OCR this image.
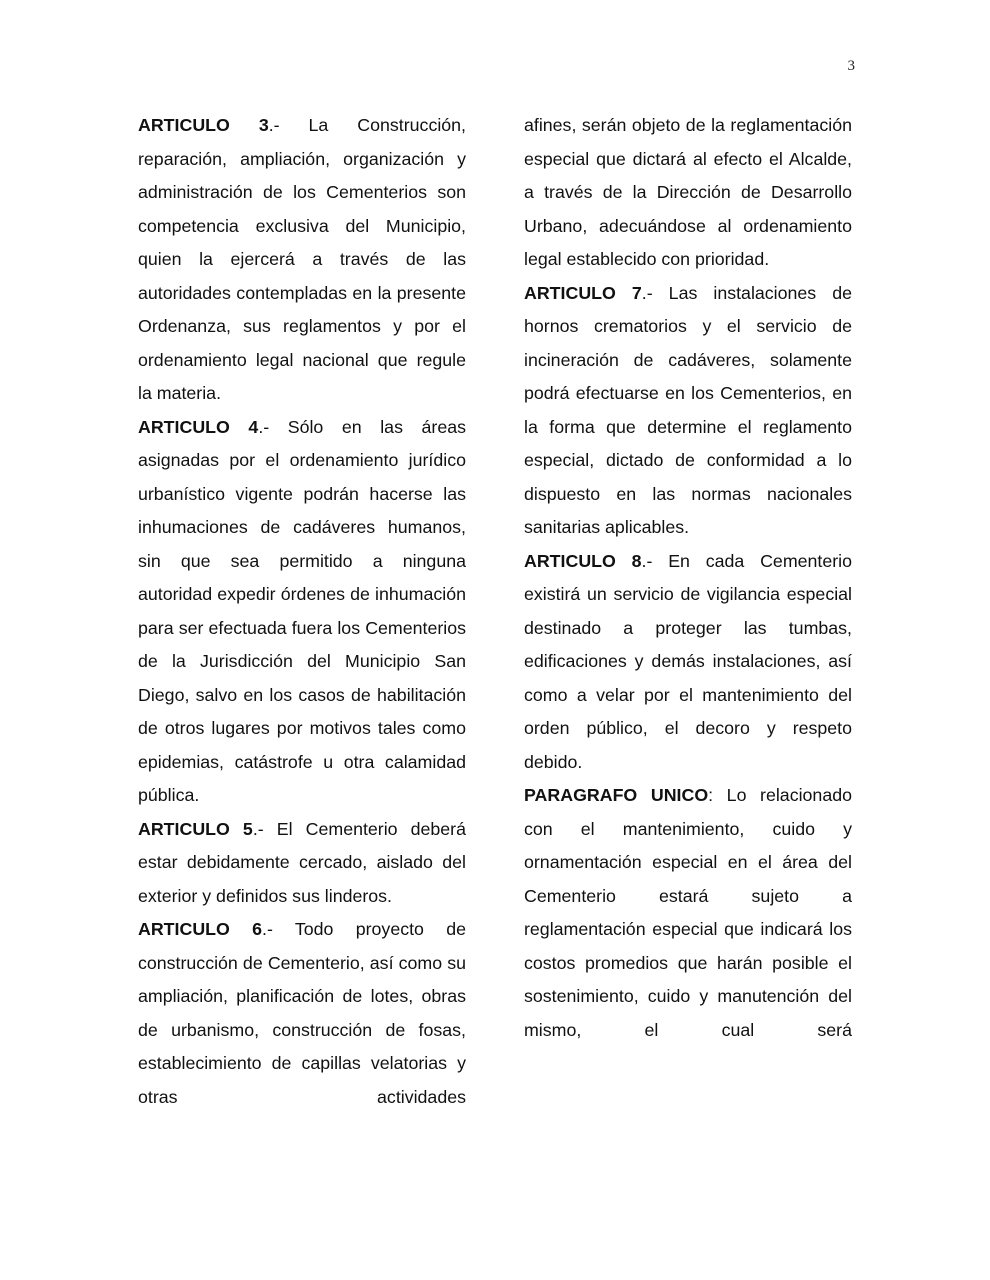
3

ARTICULO 3.- La Construcción, reparación, ampliación, organización y administración de los Cementerios son competencia exclusiva del Municipio, quien la ejercerá a través de las autoridades contempladas en la presente Ordenanza, sus reglamentos y por el ordenamiento legal nacional que regule la materia.

ARTICULO 4.- Sólo en las áreas asignadas por el ordenamiento jurídico urbanístico vigente podrán hacerse las inhumaciones de cadáveres humanos, sin que sea permitido a ninguna autoridad expedir órdenes de inhumación para ser efectuada fuera los Cementerios de la Jurisdicción del Municipio San Diego, salvo en los casos de habilitación de otros lugares por motivos tales como epidemias, catástrofe u otra calamidad pública.

ARTICULO 5.- El Cementerio deberá estar debidamente cercado, aislado del exterior y definidos sus linderos.

ARTICULO 6.- Todo proyecto de construcción de Cementerio, así como su ampliación, planificación de lotes, obras de urbanismo, construcción de fosas, establecimiento de capillas velatorias y otras actividades

afines, serán objeto de la reglamentación especial que dictará al efecto el Alcalde, a través de la Dirección de Desarrollo Urbano, adecuándose al ordenamiento legal establecido con prioridad.

ARTICULO 7.- Las instalaciones de hornos crematorios y el servicio de incineración de cadáveres, solamente podrá efectuarse en los Cementerios, en la forma que determine el reglamento especial, dictado de conformidad a lo dispuesto en las normas nacionales sanitarias aplicables.

ARTICULO 8.- En cada Cementerio existirá un servicio de vigilancia especial destinado a proteger las tumbas, edificaciones y demás instalaciones, así como a velar por el mantenimiento del orden público, el decoro y respeto debido.

PARAGRAFO UNICO: Lo relacionado con el mantenimiento, cuido y ornamentación especial en el área del Cementerio estará sujeto a reglamentación especial que indicará los costos promedios que harán posible el sostenimiento, cuido y manutención del mismo, el cual será
